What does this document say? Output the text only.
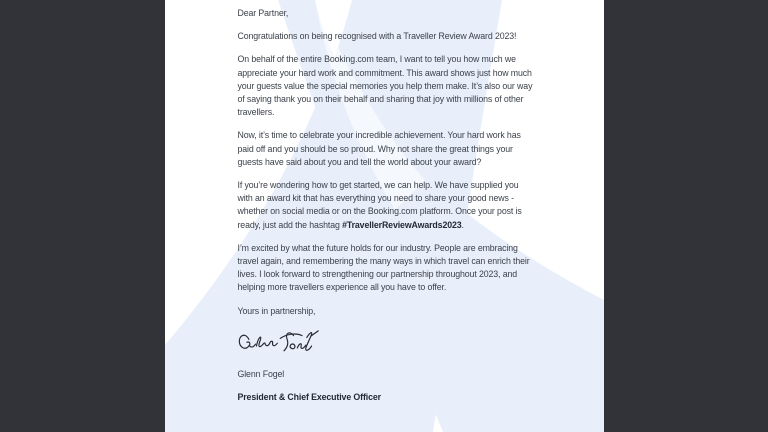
Dear Partner,

Congratulations on being recognised with a Traveller Review Award 2023!

On behalf of the entire Booking.com team, I want to tell you how much we appreciate your hard work and commitment. This award shows just how much your guests value the special memories you help them make. It’s also our way of saying thank you on their behalf and sharing that joy with millions of other travellers.

Now, it’s time to celebrate your incredible achievement. Your hard work has paid off and you should be so proud. Why not share the great things your guests have said about you and tell the world about your award?

If you’re wondering how to get started, we can help. We have supplied you with an award kit that has everything you need to share your good news - whether on social media or on the Booking.com platform. Once your post is ready, just add the hashtag #TravellerReviewAwards2023.

I’m excited by what the future holds for our industry. People are embracing travel again, and remembering the many ways in which travel can enrich their lives. I look forward to strengthening our partnership throughout 2023, and helping more travellers experience all you have to offer.

Yours in partnership,

Glenn Fogel

President & Chief Executive Officer
